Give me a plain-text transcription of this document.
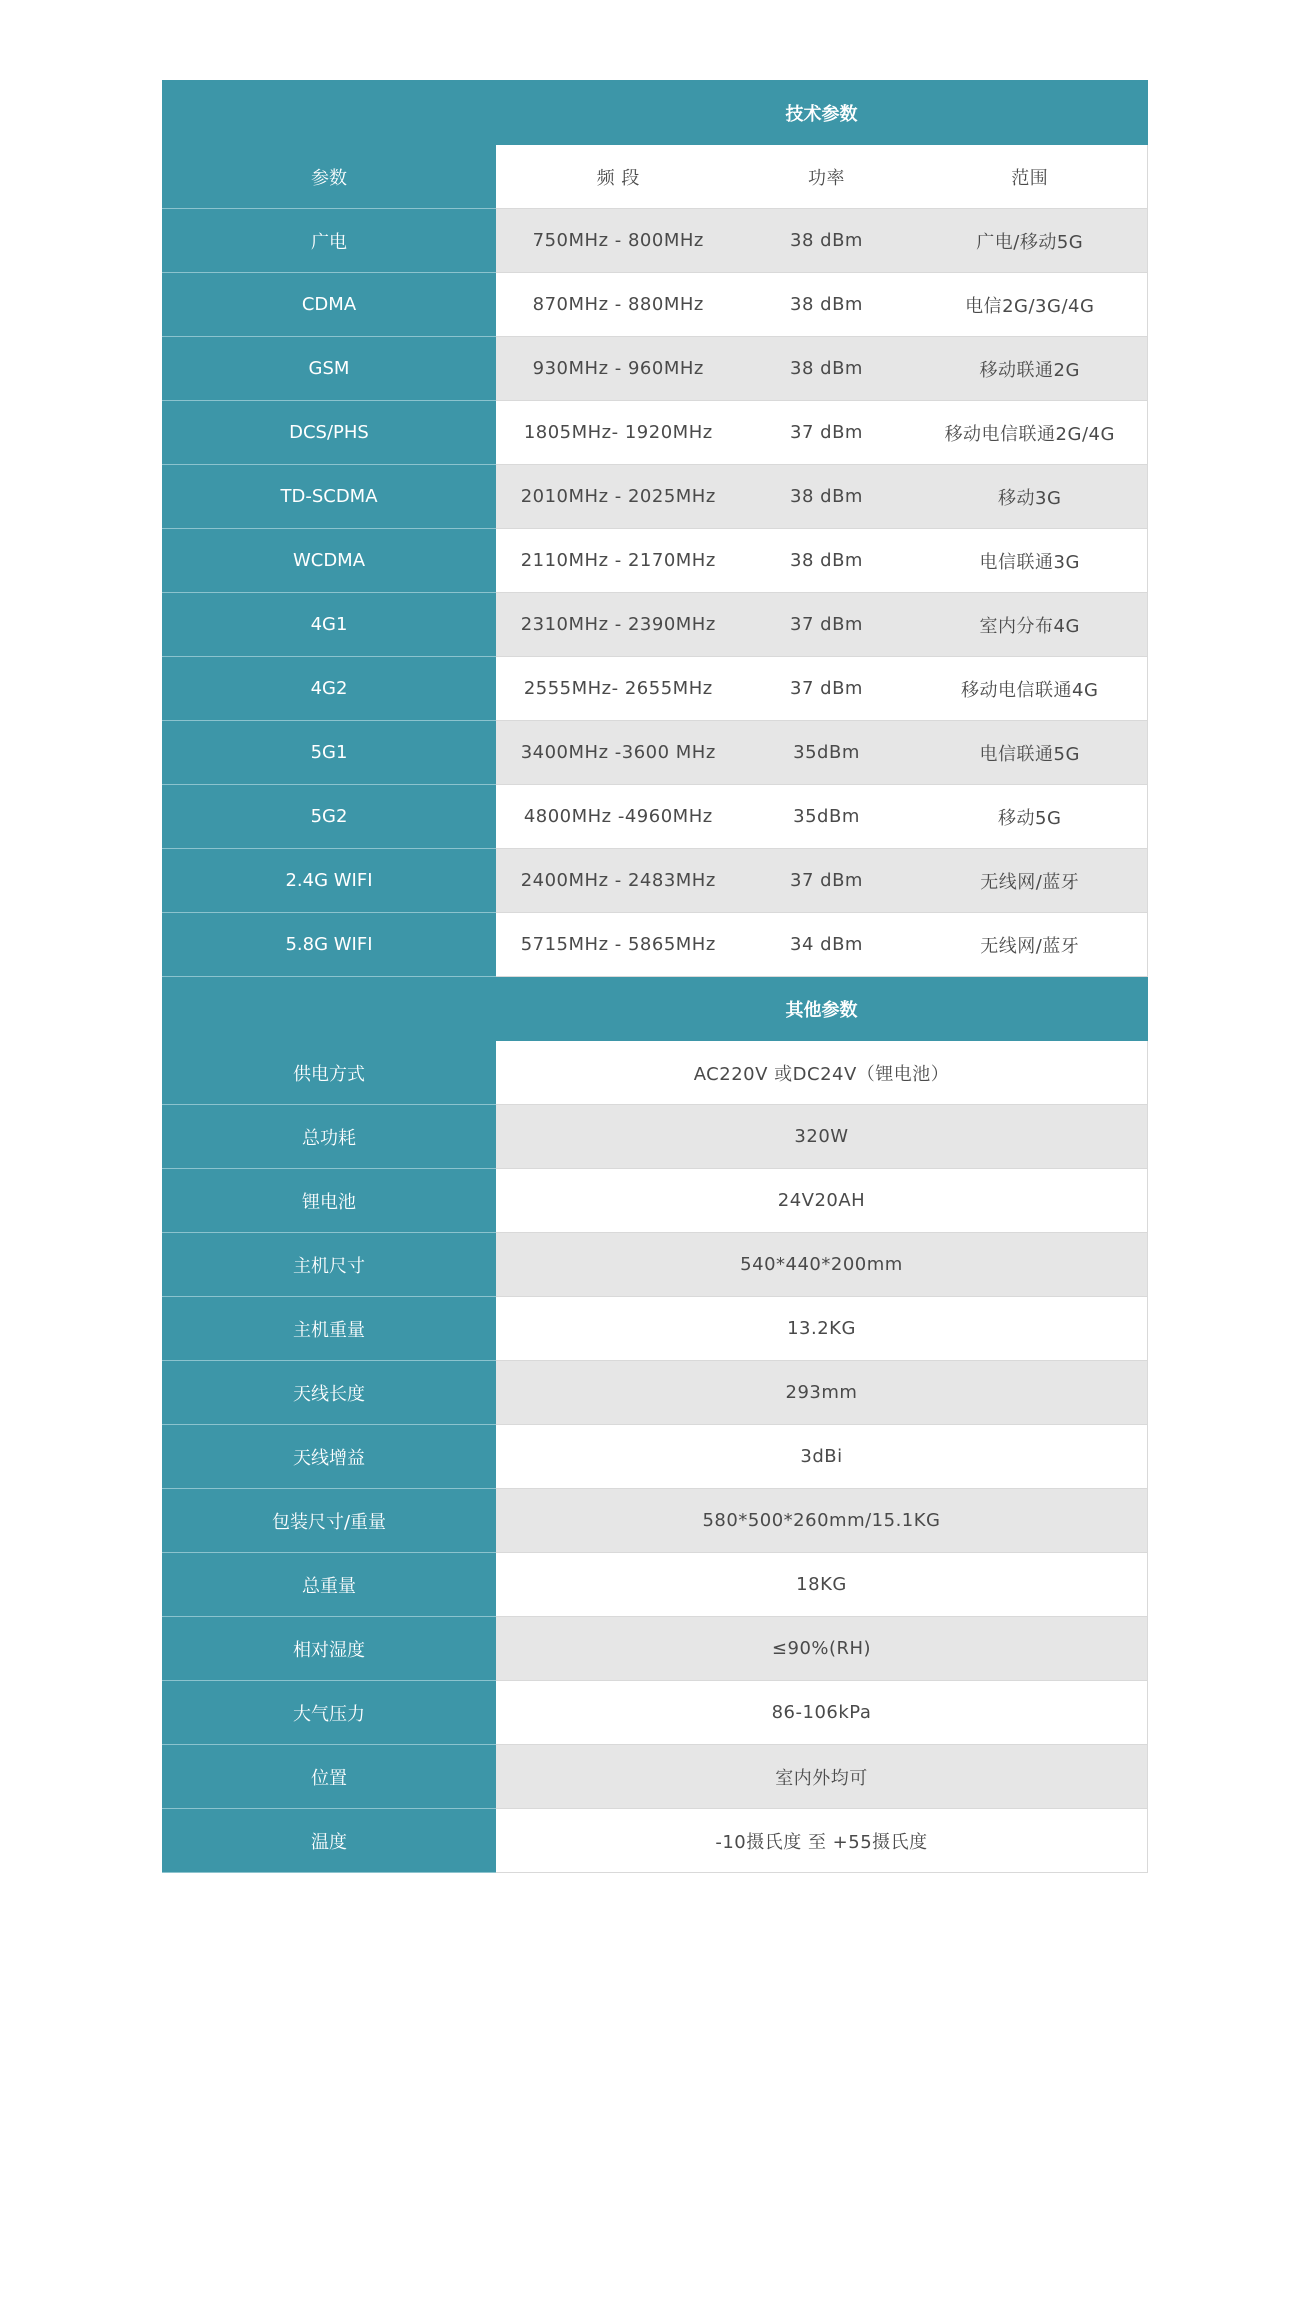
技术参数			
参数	频 段	功率	范围
广电	750MHz - 800MHz	38 dBm	广电/移动5G
CDMA	870MHz - 880MHz	38 dBm	电信2G/3G/4G
GSM	930MHz - 960MHz	38 dBm	移动联通2G
DCS/PHS	1805MHz- 1920MHz	37 dBm	移动电信联通2G/4G
TD-SCDMA	2010MHz - 2025MHz	38 dBm	移动3G
WCDMA	2110MHz - 2170MHz	38 dBm	电信联通3G
4G1	2310MHz - 2390MHz	37 dBm	室内分布4G
4G2	2555MHz- 2655MHz	37 dBm	移动电信联通4G
5G1	3400MHz -3600 MHz	35dBm	电信联通5G
5G2	4800MHz -4960MHz	35dBm	移动5G
2.4G WIFI	2400MHz - 2483MHz	37 dBm	无线网/蓝牙
5.8G WIFI	5715MHz - 5865MHz	34 dBm	无线网/蓝牙
其他参数			
供电方式	AC220V 或DC24V（锂电池）		
总功耗	320W		
锂电池	24V20AH		
主机尺寸	540*440*200mm		
主机重量	13.2KG		
天线长度	293mm		
天线增益	3dBi		
包装尺寸/重量	580*500*260mm/15.1KG		
总重量	18KG		
相对湿度	≤90%(RH)		
大气压力	86-106kPa		
位置	室内外均可		
温度	-10摄氏度 至 +55摄氏度		
